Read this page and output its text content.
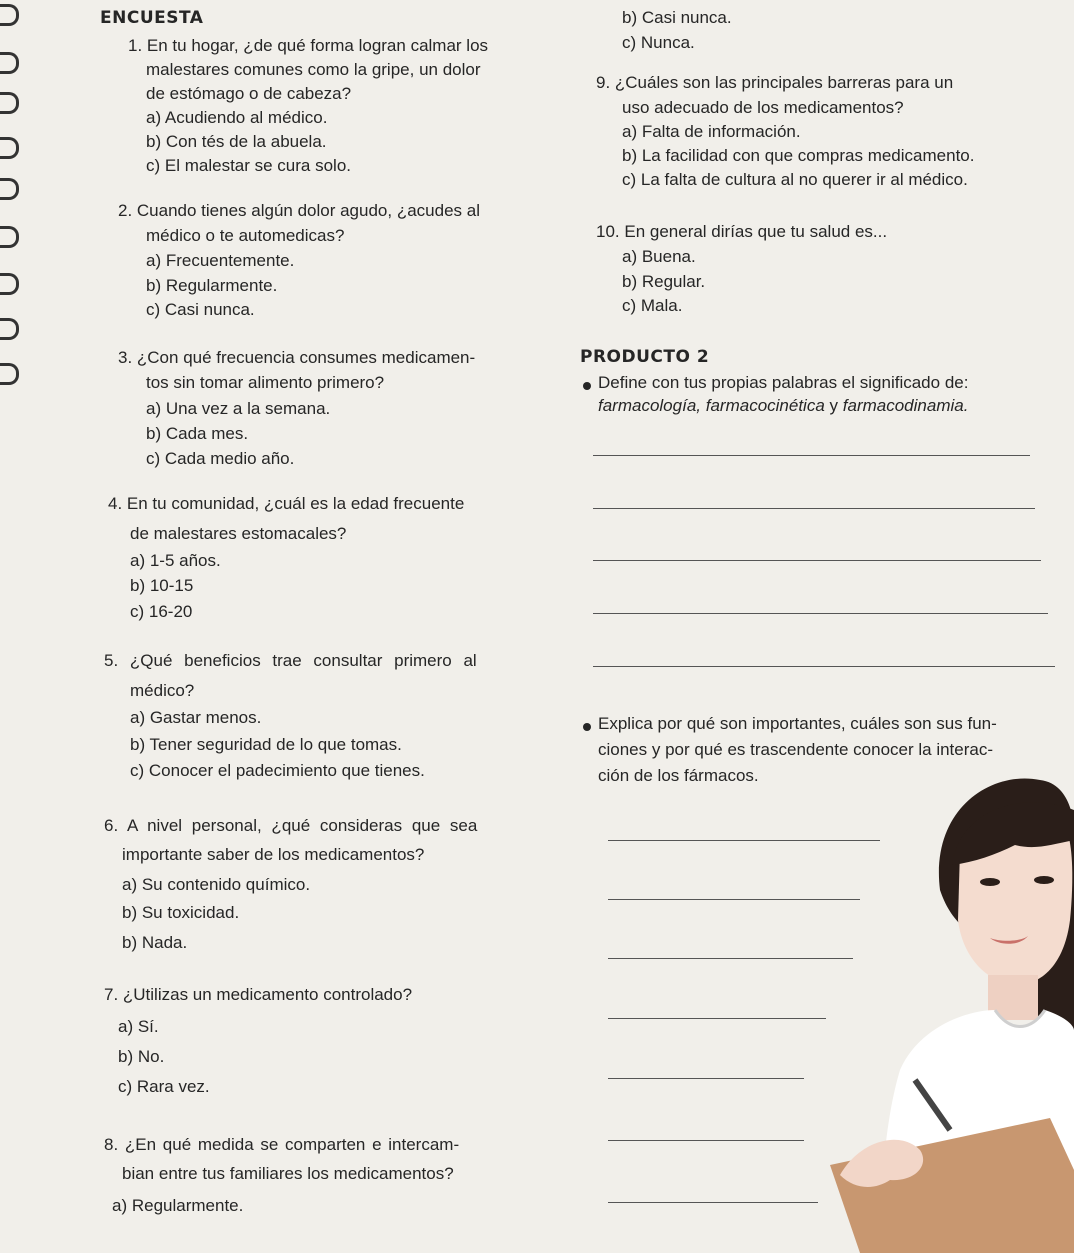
ENCUESTA
1. En tu hogar, ¿de qué forma logran calmar los
malestares comunes como la gripe, un dolor
de estómago o de cabeza?
a) Acudiendo al médico.
b) Con tés de la abuela.
c) El malestar se cura solo.
2. Cuando tienes algún dolor agudo, ¿acudes al
médico o te automedicas?
a) Frecuentemente.
b) Regularmente.
c) Casi nunca.
3. ¿Con qué frecuencia consumes medicamen-
tos sin tomar alimento primero?
a) Una vez a la semana.
b) Cada mes.
c) Cada medio año.
4. En tu comunidad, ¿cuál es la edad frecuente
de malestares estomacales?
a) 1-5 años.
b) 10-15
c) 16-20
5. ¿Qué beneficios trae consultar primero al
médico?
a) Gastar menos.
b) Tener seguridad de lo que tomas.
c) Conocer el padecimiento que tienes.
6. A nivel personal, ¿qué consideras que sea
importante saber de los medicamentos?
a) Su contenido químico.
b) Su toxicidad.
b) Nada.
7. ¿Utilizas un medicamento controlado?
a) Sí.
b) No.
c) Rara vez.
8. ¿En qué medida se comparten e intercam-
bian entre tus familiares los medicamentos?
a) Regularmente.
b) Casi nunca.
c) Nunca.
9. ¿Cuáles son las principales barreras para un
uso adecuado de los medicamentos?
a) Falta de información.
b) La facilidad con que compras medicamento.
c) La falta de cultura al no querer ir al médico.
10. En general dirías que tu salud es...
a) Buena.
b) Regular.
c) Mala.
PRODUCTO 2
Define con tus propias palabras el significado de:
farmacología, farmacocinética y farmacodinamia.
Explica por qué son importantes, cuáles son sus fun-
ciones y por qué es trascendente conocer la interac-
ción de los fármacos.
